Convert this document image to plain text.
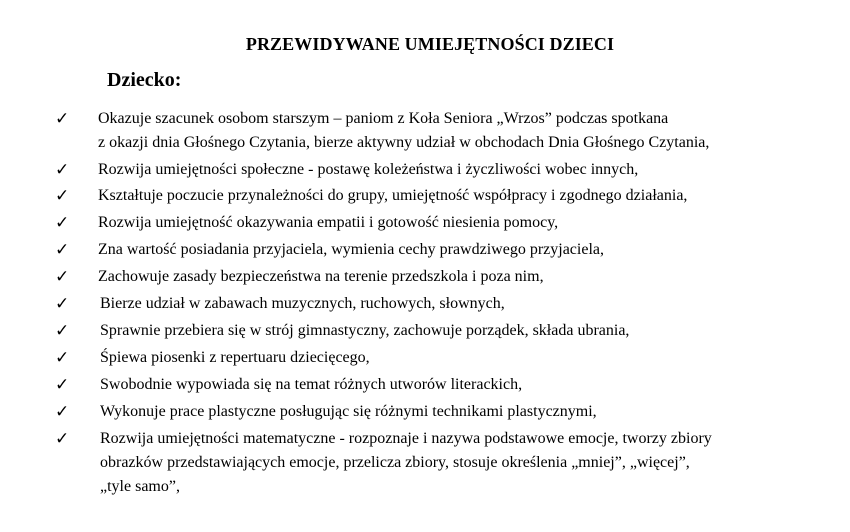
PRZEWIDYWANE UMIEJĘTNOŚCI DZIECI
Dziecko:
✓ Okazuje szacunek osobom starszym – paniom z Koła Seniora „Wrzos” podczas spotkana
z okazji dnia Głośnego Czytania, bierze aktywny udział w obchodach Dnia Głośnego Czytania,
✓ Rozwija umiejętności społeczne - postawę koleżeństwa i życzliwości wobec innych,
✓ Kształtuje poczucie przynależności do grupy, umiejętność współpracy i zgodnego działania,
✓ Rozwija umiejętność okazywania empatii i gotowość niesienia pomocy,
✓ Zna wartość posiadania przyjaciela, wymienia cechy prawdziwego przyjaciela,
✓ Zachowuje zasady bezpieczeństwa na terenie przedszkola i poza nim,
✓ Bierze udział w zabawach muzycznych, ruchowych, słownych,
✓ Sprawnie przebiera się w strój gimnastyczny, zachowuje porządek, składa ubrania,
✓ Śpiewa piosenki z repertuaru dziecięcego,
✓ Swobodnie wypowiada się na temat różnych utworów literackich,
✓ Wykonuje prace plastyczne posługując się różnymi technikami plastycznymi,
✓ Rozwija umiejętności matematyczne - rozpoznaje i nazywa podstawowe emocje, tworzy zbiory
obrazków przedstawiających emocje, przelicza zbiory, stosuje określenia „mniej”, „więcej”,
„tyle samo”,
